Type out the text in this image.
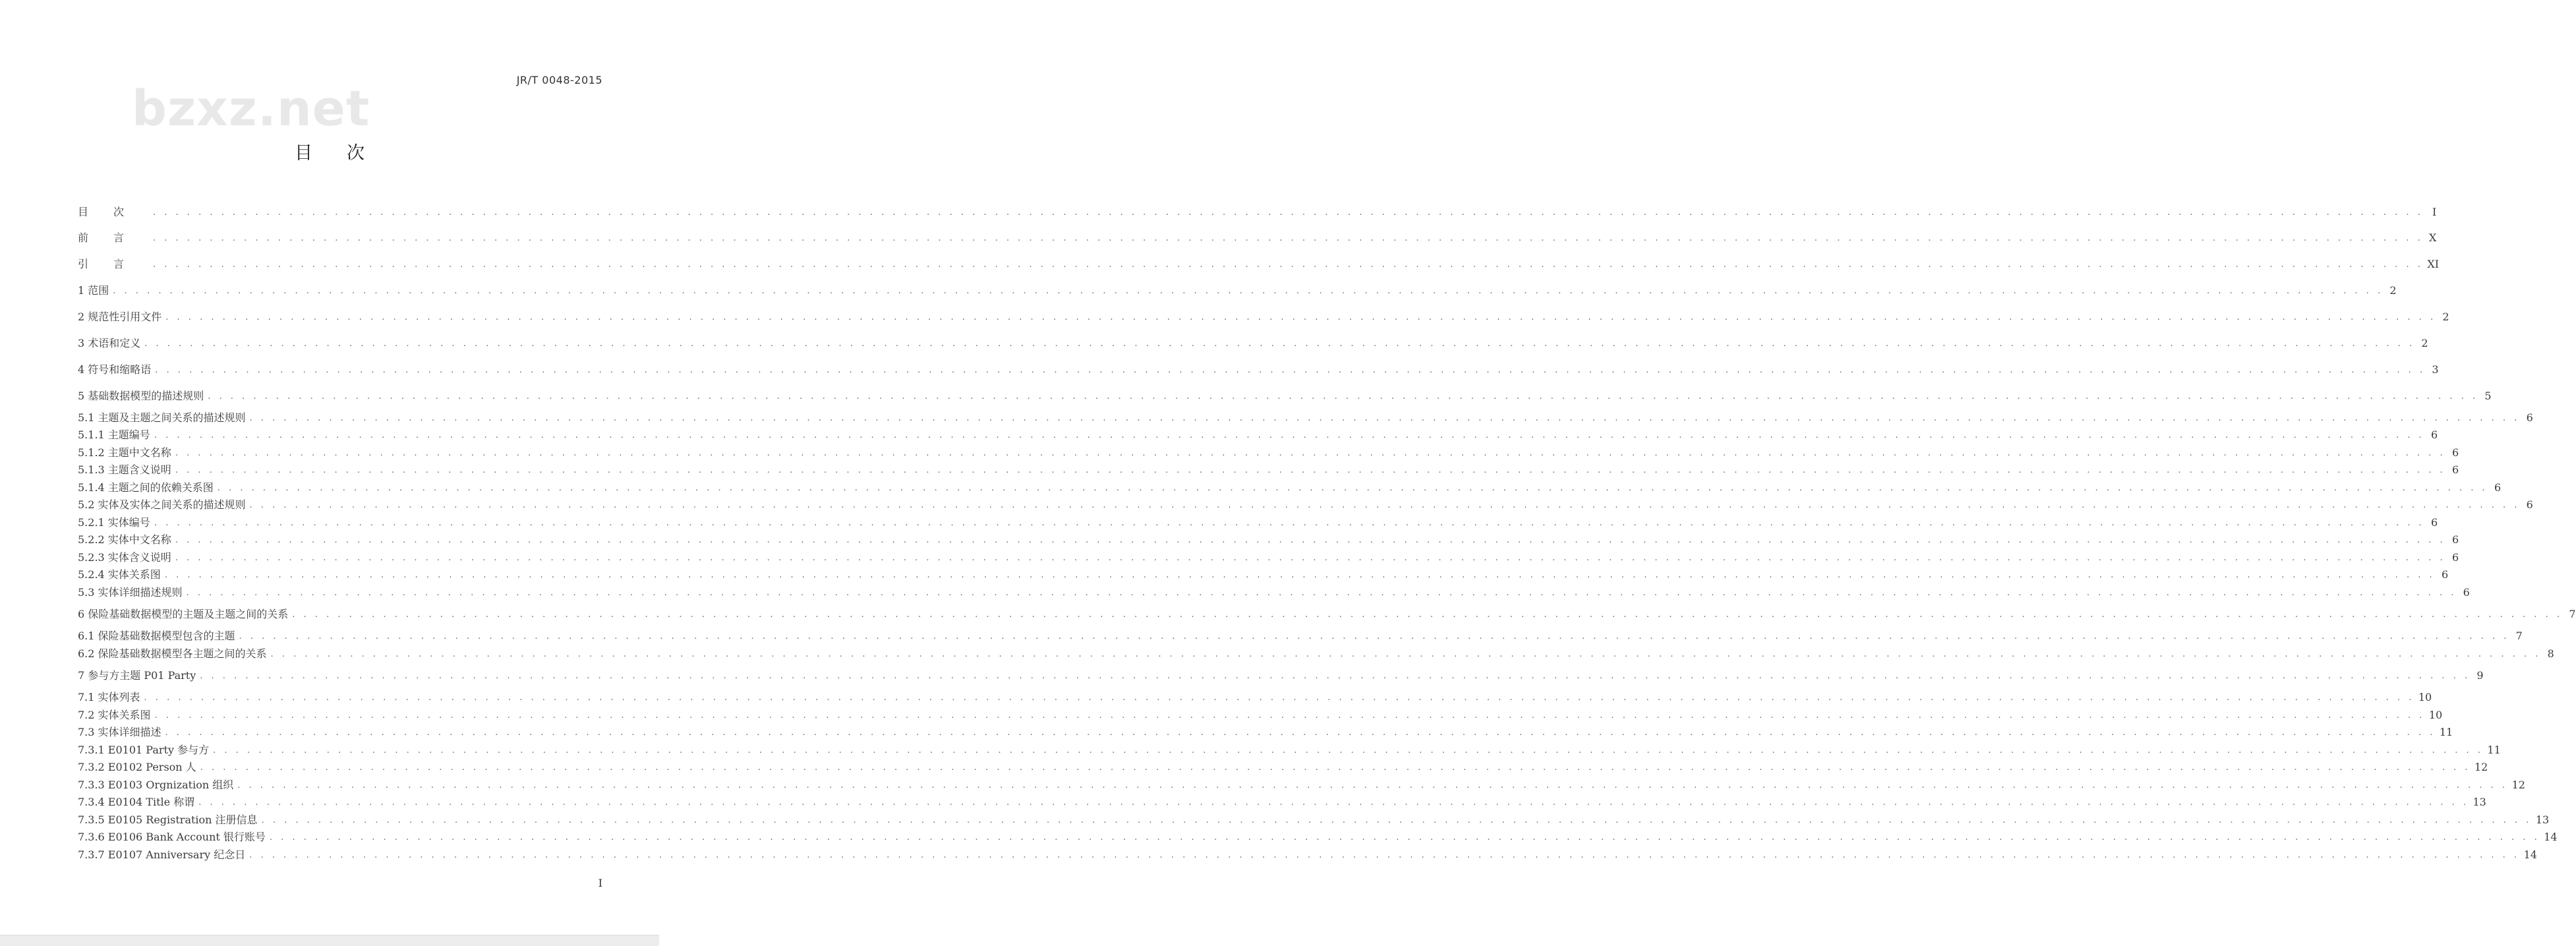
JR/T 0048-2015
bzxz.net
目次
目次 . . . . . . . . . . . . . . . . . . . . . . . . . . . . . . . . . . . . . . . . . . . . . . . . . . . . . . . . . . . . . . . . . . . . . . . . . . . . . . . . . . . . . . . . . . . . . . . . . . . . . . . . . . . . . . . . . . . . . . . . . . . . . . . . . . . . . . . . . . . . . . . . . . . . . . . . . . . . . . . . . . . . . . . . . . . . . . . . . . . . . . . . . . . . . . . . . . . . . . . . I
前言 . . . . . . . . . . . . . . . . . . . . . . . . . . . . . . . . . . . . . . . . . . . . . . . . . . . . . . . . . . . . . . . . . . . . . . . . . . . . . . . . . . . . . . . . . . . . . . . . . . . . . . . . . . . . . . . . . . . . . . . . . . . . . . . . . . . . . . . . . . . . . . . . . . . . . . . . . . . . . . . . . . . . . . . . . . . . . . . . . . . . . . . . . . . . . . . . . . . . . . . . X
引言 . . . . . . . . . . . . . . . . . . . . . . . . . . . . . . . . . . . . . . . . . . . . . . . . . . . . . . . . . . . . . . . . . . . . . . . . . . . . . . . . . . . . . . . . . . . . . . . . . . . . . . . . . . . . . . . . . . . . . . . . . . . . . . . . . . . . . . . . . . . . . . . . . . . . . . . . . . . . . . . . . . . . . . . . . . . . . . . . . . . . . . . . . . . . . . . . . . . . . . . . XI
1 范围 . . . . . . . . . . . . . . . . . . . . . . . . . . . . . . . . . . . . . . . . . . . . . . . . . . . . . . . . . . . . . . . . . . . . . . . . . . . . . . . . . . . . . . . . . . . . . . . . . . . . . . . . . . . . . . . . . . . . . . . . . . . . . . . . . . . . . . . . . . . . . . . . . . . . . . . . . . . . . . . . . . . . . . . . . . . . . . . . . . . . . . . . . . . . . . . . . . . . . . . . 2
2 规范性引用文件 . . . . . . . . . . . . . . . . . . . . . . . . . . . . . . . . . . . . . . . . . . . . . . . . . . . . . . . . . . . . . . . . . . . . . . . . . . . . . . . . . . . . . . . . . . . . . . . . . . . . . . . . . . . . . . . . . . . . . . . . . . . . . . . . . . . . . . . . . . . . . . . . . . . . . . . . . . . . . . . . . . . . . . . . . . . . . . . . . . . . . . . . . . . . . . . . . . . . . . . . 2
3 术语和定义 . . . . . . . . . . . . . . . . . . . . . . . . . . . . . . . . . . . . . . . . . . . . . . . . . . . . . . . . . . . . . . . . . . . . . . . . . . . . . . . . . . . . . . . . . . . . . . . . . . . . . . . . . . . . . . . . . . . . . . . . . . . . . . . . . . . . . . . . . . . . . . . . . . . . . . . . . . . . . . . . . . . . . . . . . . . . . . . . . . . . . . . . . . . . . . . . . . . . . . . . 2
4 符号和缩略语 . . . . . . . . . . . . . . . . . . . . . . . . . . . . . . . . . . . . . . . . . . . . . . . . . . . . . . . . . . . . . . . . . . . . . . . . . . . . . . . . . . . . . . . . . . . . . . . . . . . . . . . . . . . . . . . . . . . . . . . . . . . . . . . . . . . . . . . . . . . . . . . . . . . . . . . . . . . . . . . . . . . . . . . . . . . . . . . . . . . . . . . . . . . . . . . . . . . . . . . . 3
5 基础数据模型的描述规则 . . . . . . . . . . . . . . . . . . . . . . . . . . . . . . . . . . . . . . . . . . . . . . . . . . . . . . . . . . . . . . . . . . . . . . . . . . . . . . . . . . . . . . . . . . . . . . . . . . . . . . . . . . . . . . . . . . . . . . . . . . . . . . . . . . . . . . . . . . . . . . . . . . . . . . . . . . . . . . . . . . . . . . . . . . . . . . . . . . . . . . . . . . . . . . . . . . . . . . . . 5
5.1 主题及主题之间关系的描述规则 . . . . . . . . . . . . . . . . . . . . . . . . . . . . . . . . . . . . . . . . . . . . . . . . . . . . . . . . . . . . . . . . . . . . . . . . . . . . . . . . . . . . . . . . . . . . . . . . . . . . . . . . . . . . . . . . . . . . . . . . . . . . . . . . . . . . . . . . . . . . . . . . . . . . . . . . . . . . . . . . . . . . . . . . . . . . . . . . . . . . . . . . . . . . . . . . . . . . . . . . 6
5.1.1 主题编号 . . . . . . . . . . . . . . . . . . . . . . . . . . . . . . . . . . . . . . . . . . . . . . . . . . . . . . . . . . . . . . . . . . . . . . . . . . . . . . . . . . . . . . . . . . . . . . . . . . . . . . . . . . . . . . . . . . . . . . . . . . . . . . . . . . . . . . . . . . . . . . . . . . . . . . . . . . . . . . . . . . . . . . . . . . . . . . . . . . . . . . . . . . . . . . . . . . . . . . . . 6
5.1.2 主题中文名称 . . . . . . . . . . . . . . . . . . . . . . . . . . . . . . . . . . . . . . . . . . . . . . . . . . . . . . . . . . . . . . . . . . . . . . . . . . . . . . . . . . . . . . . . . . . . . . . . . . . . . . . . . . . . . . . . . . . . . . . . . . . . . . . . . . . . . . . . . . . . . . . . . . . . . . . . . . . . . . . . . . . . . . . . . . . . . . . . . . . . . . . . . . . . . . . . . . . . . . . . 6
5.1.3 主题含义说明 . . . . . . . . . . . . . . . . . . . . . . . . . . . . . . . . . . . . . . . . . . . . . . . . . . . . . . . . . . . . . . . . . . . . . . . . . . . . . . . . . . . . . . . . . . . . . . . . . . . . . . . . . . . . . . . . . . . . . . . . . . . . . . . . . . . . . . . . . . . . . . . . . . . . . . . . . . . . . . . . . . . . . . . . . . . . . . . . . . . . . . . . . . . . . . . . . . . . . . . . 6
5.1.4 主题之间的依赖关系图 . . . . . . . . . . . . . . . . . . . . . . . . . . . . . . . . . . . . . . . . . . . . . . . . . . . . . . . . . . . . . . . . . . . . . . . . . . . . . . . . . . . . . . . . . . . . . . . . . . . . . . . . . . . . . . . . . . . . . . . . . . . . . . . . . . . . . . . . . . . . . . . . . . . . . . . . . . . . . . . . . . . . . . . . . . . . . . . . . . . . . . . . . . . . . . . . . . . . . . . . 6
5.2 实体及实体之间关系的描述规则 . . . . . . . . . . . . . . . . . . . . . . . . . . . . . . . . . . . . . . . . . . . . . . . . . . . . . . . . . . . . . . . . . . . . . . . . . . . . . . . . . . . . . . . . . . . . . . . . . . . . . . . . . . . . . . . . . . . . . . . . . . . . . . . . . . . . . . . . . . . . . . . . . . . . . . . . . . . . . . . . . . . . . . . . . . . . . . . . . . . . . . . . . . . . . . . . . . . . . . . . 6
5.2.1 实体编号 . . . . . . . . . . . . . . . . . . . . . . . . . . . . . . . . . . . . . . . . . . . . . . . . . . . . . . . . . . . . . . . . . . . . . . . . . . . . . . . . . . . . . . . . . . . . . . . . . . . . . . . . . . . . . . . . . . . . . . . . . . . . . . . . . . . . . . . . . . . . . . . . . . . . . . . . . . . . . . . . . . . . . . . . . . . . . . . . . . . . . . . . . . . . . . . . . . . . . . . . 6
5.2.2 实体中文名称 . . . . . . . . . . . . . . . . . . . . . . . . . . . . . . . . . . . . . . . . . . . . . . . . . . . . . . . . . . . . . . . . . . . . . . . . . . . . . . . . . . . . . . . . . . . . . . . . . . . . . . . . . . . . . . . . . . . . . . . . . . . . . . . . . . . . . . . . . . . . . . . . . . . . . . . . . . . . . . . . . . . . . . . . . . . . . . . . . . . . . . . . . . . . . . . . . . . . . . . . 6
5.2.3 实体含义说明 . . . . . . . . . . . . . . . . . . . . . . . . . . . . . . . . . . . . . . . . . . . . . . . . . . . . . . . . . . . . . . . . . . . . . . . . . . . . . . . . . . . . . . . . . . . . . . . . . . . . . . . . . . . . . . . . . . . . . . . . . . . . . . . . . . . . . . . . . . . . . . . . . . . . . . . . . . . . . . . . . . . . . . . . . . . . . . . . . . . . . . . . . . . . . . . . . . . . . . . . 6
5.2.4 实体关系图 . . . . . . . . . . . . . . . . . . . . . . . . . . . . . . . . . . . . . . . . . . . . . . . . . . . . . . . . . . . . . . . . . . . . . . . . . . . . . . . . . . . . . . . . . . . . . . . . . . . . . . . . . . . . . . . . . . . . . . . . . . . . . . . . . . . . . . . . . . . . . . . . . . . . . . . . . . . . . . . . . . . . . . . . . . . . . . . . . . . . . . . . . . . . . . . . . . . . . . . . 6
5.3 实体详细描述规则 . . . . . . . . . . . . . . . . . . . . . . . . . . . . . . . . . . . . . . . . . . . . . . . . . . . . . . . . . . . . . . . . . . . . . . . . . . . . . . . . . . . . . . . . . . . . . . . . . . . . . . . . . . . . . . . . . . . . . . . . . . . . . . . . . . . . . . . . . . . . . . . . . . . . . . . . . . . . . . . . . . . . . . . . . . . . . . . . . . . . . . . . . . . . . . . . . . . . . . . . 6
6 保险基础数据模型的主题及主题之间的关系 . . . . . . . . . . . . . . . . . . . . . . . . . . . . . . . . . . . . . . . . . . . . . . . . . . . . . . . . . . . . . . . . . . . . . . . . . . . . . . . . . . . . . . . . . . . . . . . . . . . . . . . . . . . . . . . . . . . . . . . . . . . . . . . . . . . . . . . . . . . . . . . . . . . . . . . . . . . . . . . . . . . . . . . . . . . . . . . . . . . . . . . . . . . . . . . . . . . . . . . . 7
6.1 保险基础数据模型包含的主题 . . . . . . . . . . . . . . . . . . . . . . . . . . . . . . . . . . . . . . . . . . . . . . . . . . . . . . . . . . . . . . . . . . . . . . . . . . . . . . . . . . . . . . . . . . . . . . . . . . . . . . . . . . . . . . . . . . . . . . . . . . . . . . . . . . . . . . . . . . . . . . . . . . . . . . . . . . . . . . . . . . . . . . . . . . . . . . . . . . . . . . . . . . . . . . . . . . . . . . . . 7
6.2 保险基础数据模型各主题之间的关系 . . . . . . . . . . . . . . . . . . . . . . . . . . . . . . . . . . . . . . . . . . . . . . . . . . . . . . . . . . . . . . . . . . . . . . . . . . . . . . . . . . . . . . . . . . . . . . . . . . . . . . . . . . . . . . . . . . . . . . . . . . . . . . . . . . . . . . . . . . . . . . . . . . . . . . . . . . . . . . . . . . . . . . . . . . . . . . . . . . . . . . . . . . . . . . . . . . . . . . . . 8
7 参与方主题 P01 Party . . . . . . . . . . . . . . . . . . . . . . . . . . . . . . . . . . . . . . . . . . . . . . . . . . . . . . . . . . . . . . . . . . . . . . . . . . . . . . . . . . . . . . . . . . . . . . . . . . . . . . . . . . . . . . . . . . . . . . . . . . . . . . . . . . . . . . . . . . . . . . . . . . . . . . . . . . . . . . . . . . . . . . . . . . . . . . . . . . . . . . . . . . . . . . . . . . . . . . . . 9
7.1 实体列表 . . . . . . . . . . . . . . . . . . . . . . . . . . . . . . . . . . . . . . . . . . . . . . . . . . . . . . . . . . . . . . . . . . . . . . . . . . . . . . . . . . . . . . . . . . . . . . . . . . . . . . . . . . . . . . . . . . . . . . . . . . . . . . . . . . . . . . . . . . . . . . . . . . . . . . . . . . . . . . . . . . . . . . . . . . . . . . . . . . . . . . . . . . . . . . . . . . . . . . . . 10
7.2 实体关系图 . . . . . . . . . . . . . . . . . . . . . . . . . . . . . . . . . . . . . . . . . . . . . . . . . . . . . . . . . . . . . . . . . . . . . . . . . . . . . . . . . . . . . . . . . . . . . . . . . . . . . . . . . . . . . . . . . . . . . . . . . . . . . . . . . . . . . . . . . . . . . . . . . . . . . . . . . . . . . . . . . . . . . . . . . . . . . . . . . . . . . . . . . . . . . . . . . . . . . . . . 10
7.3 实体详细描述 . . . . . . . . . . . . . . . . . . . . . . . . . . . . . . . . . . . . . . . . . . . . . . . . . . . . . . . . . . . . . . . . . . . . . . . . . . . . . . . . . . . . . . . . . . . . . . . . . . . . . . . . . . . . . . . . . . . . . . . . . . . . . . . . . . . . . . . . . . . . . . . . . . . . . . . . . . . . . . . . . . . . . . . . . . . . . . . . . . . . . . . . . . . . . . . . . . . . . . . . 11
7.3.1 E0101 Party 参与方 . . . . . . . . . . . . . . . . . . . . . . . . . . . . . . . . . . . . . . . . . . . . . . . . . . . . . . . . . . . . . . . . . . . . . . . . . . . . . . . . . . . . . . . . . . . . . . . . . . . . . . . . . . . . . . . . . . . . . . . . . . . . . . . . . . . . . . . . . . . . . . . . . . . . . . . . . . . . . . . . . . . . . . . . . . . . . . . . . . . . . . . . . . . . . . . . . . . . . . . . 11
7.3.2 E0102 Person 人 . . . . . . . . . . . . . . . . . . . . . . . . . . . . . . . . . . . . . . . . . . . . . . . . . . . . . . . . . . . . . . . . . . . . . . . . . . . . . . . . . . . . . . . . . . . . . . . . . . . . . . . . . . . . . . . . . . . . . . . . . . . . . . . . . . . . . . . . . . . . . . . . . . . . . . . . . . . . . . . . . . . . . . . . . . . . . . . . . . . . . . . . . . . . . . . . . . . . . . . . 12
7.3.3 E0103 Orgnization 组织 . . . . . . . . . . . . . . . . . . . . . . . . . . . . . . . . . . . . . . . . . . . . . . . . . . . . . . . . . . . . . . . . . . . . . . . . . . . . . . . . . . . . . . . . . . . . . . . . . . . . . . . . . . . . . . . . . . . . . . . . . . . . . . . . . . . . . . . . . . . . . . . . . . . . . . . . . . . . . . . . . . . . . . . . . . . . . . . . . . . . . . . . . . . . . . . . . . . . . . . . 12
7.3.4 E0104 Title 称谓 . . . . . . . . . . . . . . . . . . . . . . . . . . . . . . . . . . . . . . . . . . . . . . . . . . . . . . . . . . . . . . . . . . . . . . . . . . . . . . . . . . . . . . . . . . . . . . . . . . . . . . . . . . . . . . . . . . . . . . . . . . . . . . . . . . . . . . . . . . . . . . . . . . . . . . . . . . . . . . . . . . . . . . . . . . . . . . . . . . . . . . . . . . . . . . . . . . . . . . . . 13
7.3.5 E0105 Registration 注册信息 . . . . . . . . . . . . . . . . . . . . . . . . . . . . . . . . . . . . . . . . . . . . . . . . . . . . . . . . . . . . . . . . . . . . . . . . . . . . . . . . . . . . . . . . . . . . . . . . . . . . . . . . . . . . . . . . . . . . . . . . . . . . . . . . . . . . . . . . . . . . . . . . . . . . . . . . . . . . . . . . . . . . . . . . . . . . . . . . . . . . . . . . . . . . . . . . . . . . . . . . 13
7.3.6 E0106 Bank Account 银行账号 . . . . . . . . . . . . . . . . . . . . . . . . . . . . . . . . . . . . . . . . . . . . . . . . . . . . . . . . . . . . . . . . . . . . . . . . . . . . . . . . . . . . . . . . . . . . . . . . . . . . . . . . . . . . . . . . . . . . . . . . . . . . . . . . . . . . . . . . . . . . . . . . . . . . . . . . . . . . . . . . . . . . . . . . . . . . . . . . . . . . . . . . . . . . . . . . . . . . . . . . 14
7.3.7 E0107 Anniversary 纪念日 . . . . . . . . . . . . . . . . . . . . . . . . . . . . . . . . . . . . . . . . . . . . . . . . . . . . . . . . . . . . . . . . . . . . . . . . . . . . . . . . . . . . . . . . . . . . . . . . . . . . . . . . . . . . . . . . . . . . . . . . . . . . . . . . . . . . . . . . . . . . . . . . . . . . . . . . . . . . . . . . . . . . . . . . . . . . . . . . . . . . . . . . . . . . . . . . . . . . . . . . 14
I
